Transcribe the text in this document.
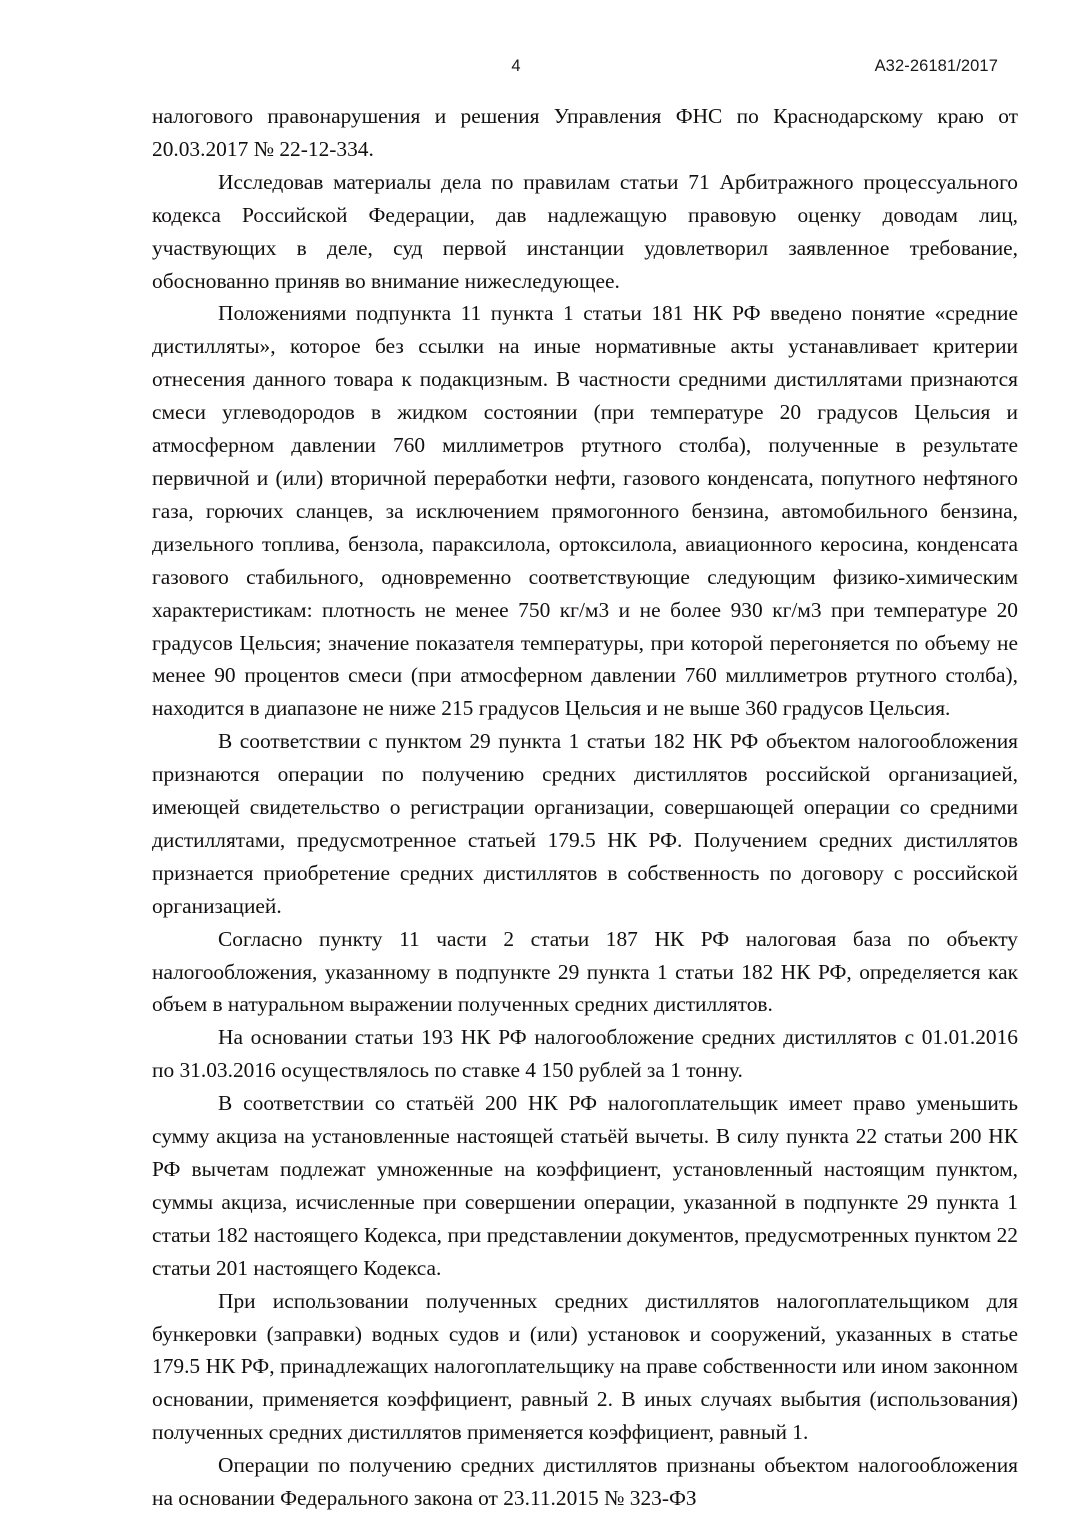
4	А32-26181/2017

налогового правонарушения и решения Управления ФНС по Краснодарскому краю от 20.03.2017 № 22-12-334.

Исследовав материалы дела по правилам статьи 71 Арбитражного процессуального кодекса Российской Федерации, дав надлежащую правовую оценку доводам лиц, участвующих в деле, суд первой инстанции удовлетворил заявленное требование, обоснованно приняв во внимание нижеследующее.

Положениями подпункта 11 пункта 1 статьи 181 НК РФ введено понятие «средние дистилляты», которое без ссылки на иные нормативные акты устанавливает критерии отнесения данного товара к подакцизным. В частности средними дистиллятами признаются смеси углеводородов в жидком состоянии (при температуре 20 градусов Цельсия и атмосферном давлении 760 миллиметров ртутного столба), полученные в результате первичной и (или) вторичной переработки нефти, газового конденсата, попутного нефтяного газа, горючих сланцев, за исключением прямогонного бензина, автомобильного бензина, дизельного топлива, бензола, параксилола, ортоксилола, авиационного керосина, конденсата газового стабильного, одновременно соответствующие следующим физико-химическим характеристикам: плотность не менее 750 кг/м3 и не более 930 кг/м3 при температуре 20 градусов Цельсия; значение показателя температуры, при которой перегоняется по объему не менее 90 процентов смеси (при атмосферном давлении 760 миллиметров ртутного столба), находится в диапазоне не ниже 215 градусов Цельсия и не выше 360 градусов Цельсия.

В соответствии с пунктом 29 пункта 1 статьи 182 НК РФ объектом налогообложения признаются операции по получению средних дистиллятов российской организацией, имеющей свидетельство о регистрации организации, совершающей операции со средними дистиллятами, предусмотренное статьей 179.5 НК РФ. Получением средних дистиллятов признается приобретение средних дистиллятов в собственность по договору с российской организацией.

Согласно пункту 11 части 2 статьи 187 НК РФ налоговая база по объекту налогообложения, указанному в подпункте 29 пункта 1 статьи 182 НК РФ, определяется как объем в натуральном выражении полученных средних дистиллятов.

На основании статьи 193 НК РФ налогообложение средних дистиллятов с 01.01.2016 по 31.03.2016 осуществлялось по ставке 4 150 рублей за 1 тонну.

В соответствии со статьёй 200 НК РФ налогоплательщик имеет право уменьшить сумму акциза на установленные настоящей статьёй вычеты. В силу пункта 22 статьи 200 НК РФ вычетам подлежат умноженные на коэффициент, установленный настоящим пунктом, суммы акциза, исчисленные при совершении операции, указанной в подпункте 29 пункта 1 статьи 182 настоящего Кодекса, при представлении документов, предусмотренных пунктом 22 статьи 201 настоящего Кодекса.

При использовании полученных средних дистиллятов налогоплательщиком для бункеровки (заправки) водных судов и (или) установок и сооружений, указанных в статье 179.5 НК РФ, принадлежащих налогоплательщику на праве собственности или ином законном основании, применяется коэффициент, равный 2. В иных случаях выбытия (использования) полученных средних дистиллятов применяется коэффициент, равный 1.

Операции по получению средних дистиллятов признаны объектом налогообложения на основании Федерального закона от 23.11.2015 № 323-ФЗ
